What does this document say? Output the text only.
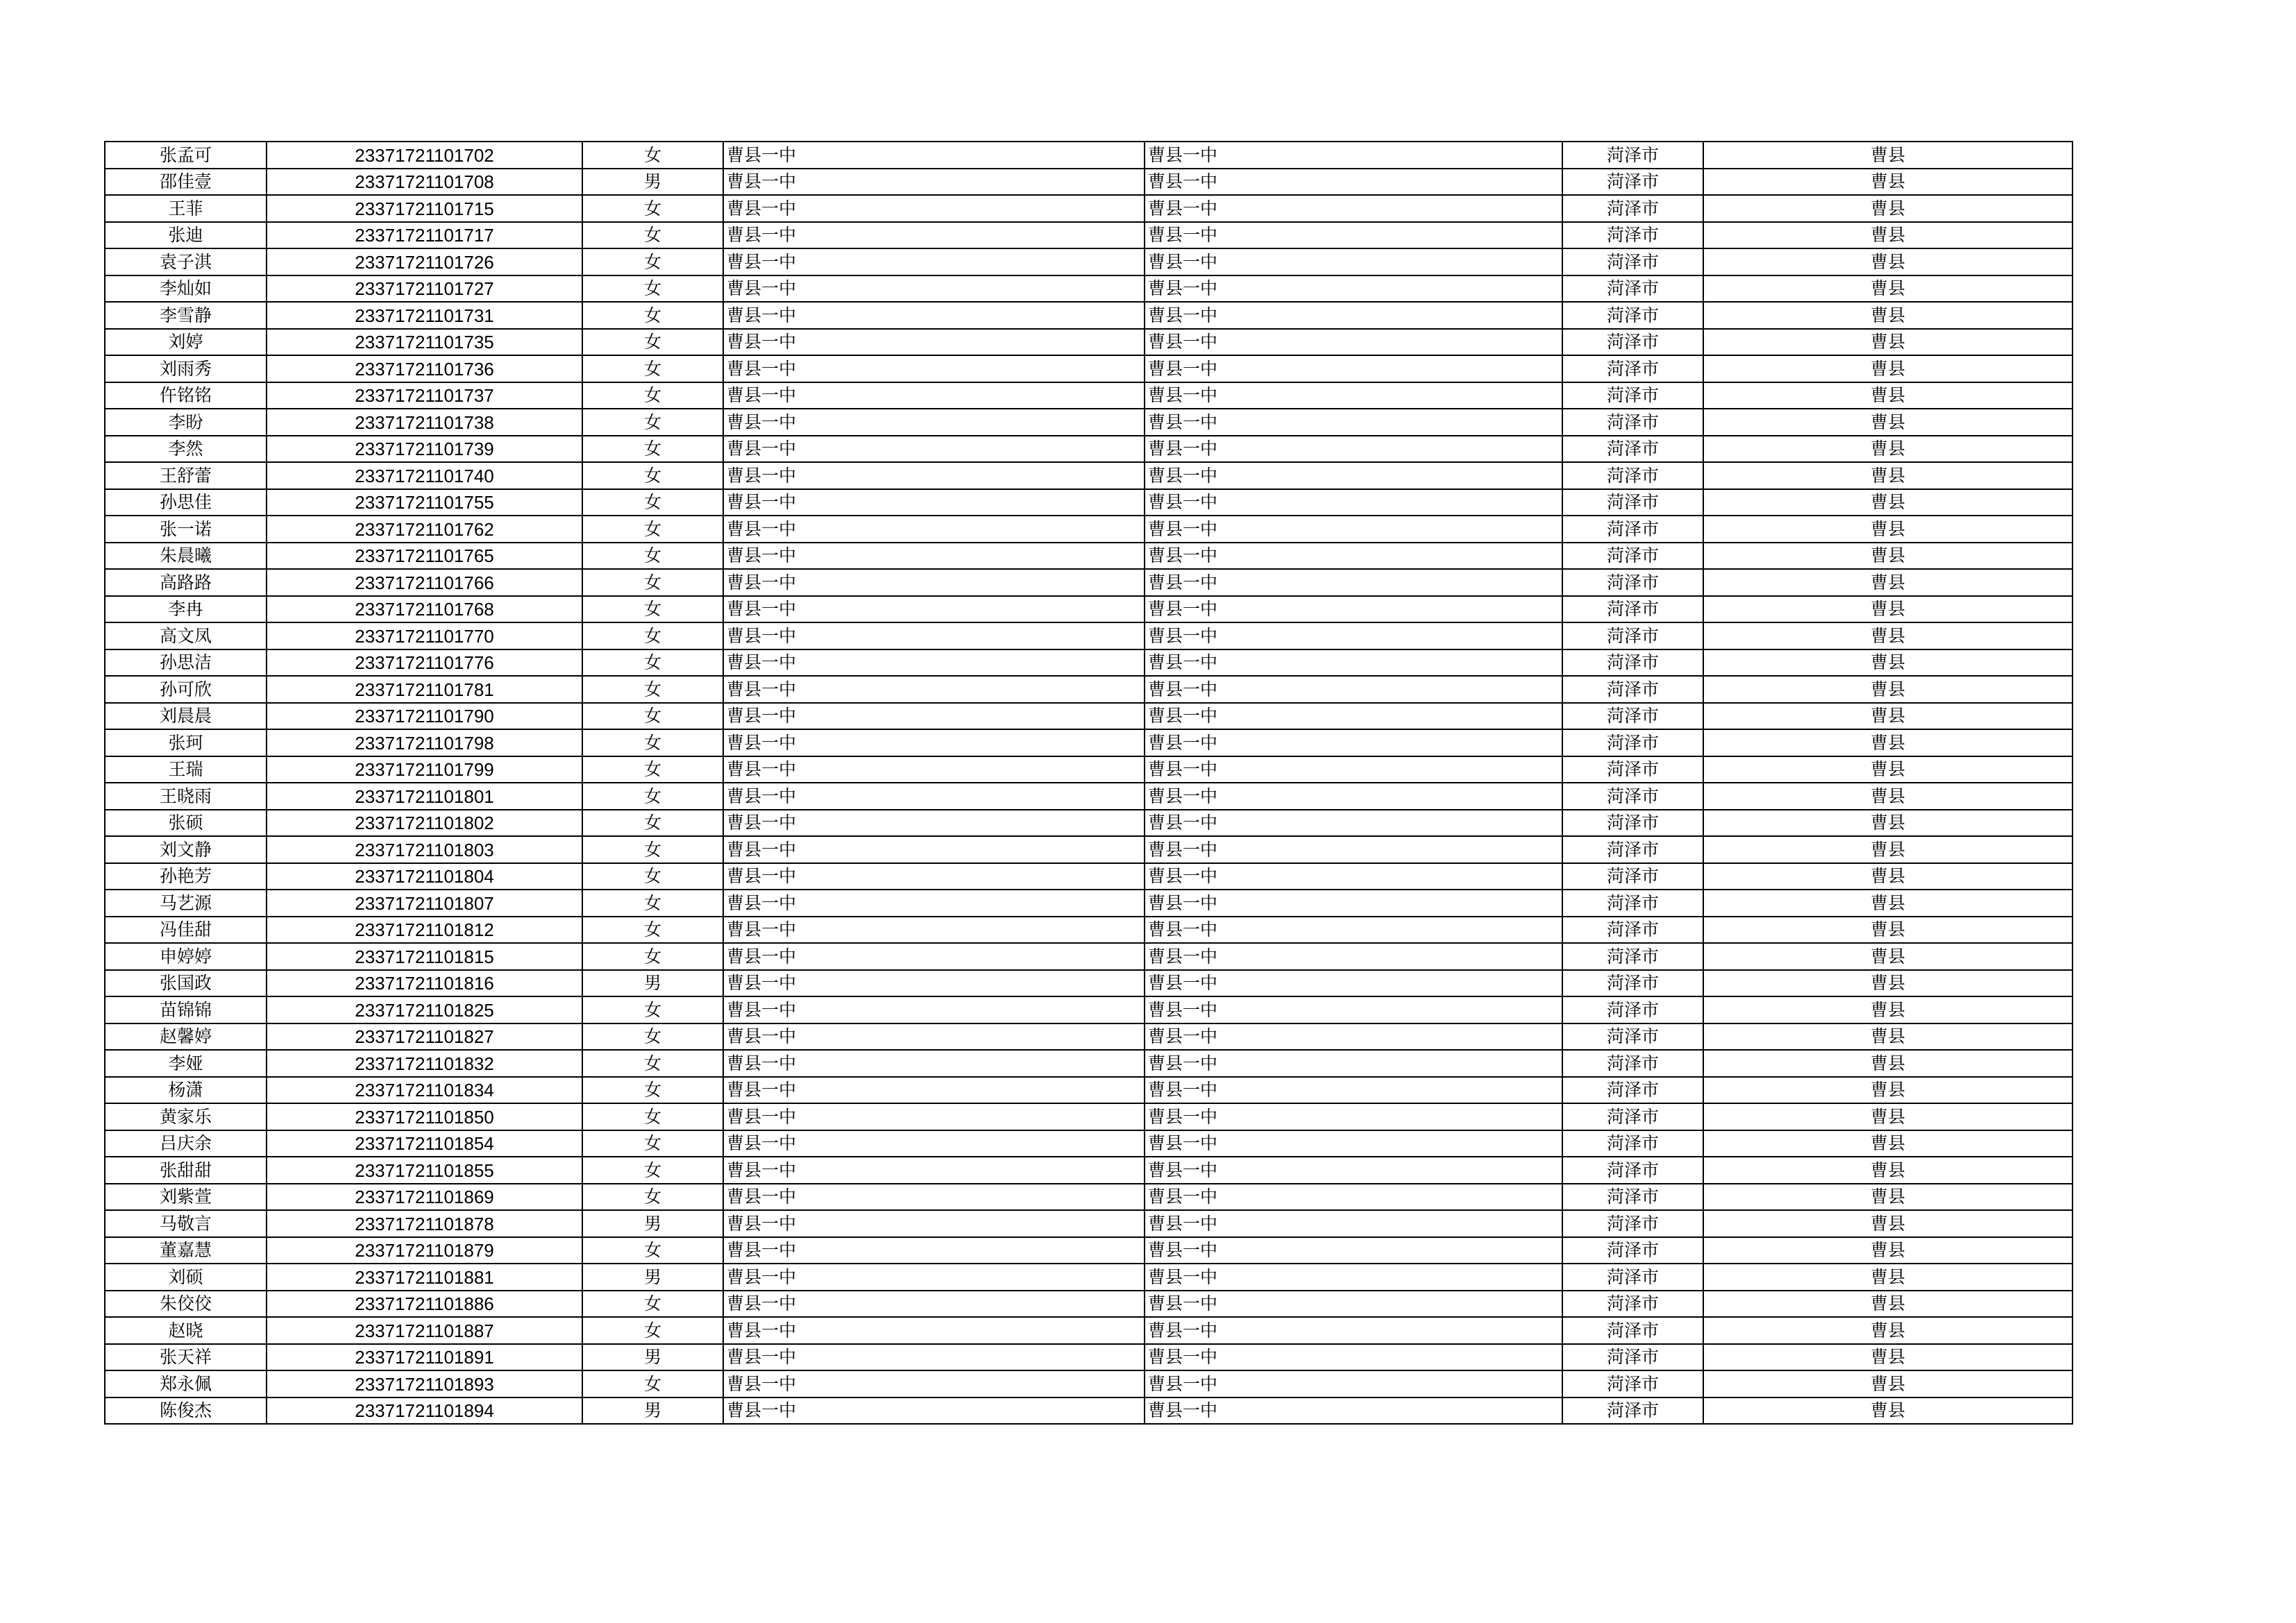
张孟可	23371721101702	女	曹县一中	曹县一中	菏泽市	曹县
邵佳壹	23371721101708	男	曹县一中	曹县一中	菏泽市	曹县
王菲	23371721101715	女	曹县一中	曹县一中	菏泽市	曹县
张迪	23371721101717	女	曹县一中	曹县一中	菏泽市	曹县
袁子淇	23371721101726	女	曹县一中	曹县一中	菏泽市	曹县
李灿如	23371721101727	女	曹县一中	曹县一中	菏泽市	曹县
李雪静	23371721101731	女	曹县一中	曹县一中	菏泽市	曹县
刘婷	23371721101735	女	曹县一中	曹县一中	菏泽市	曹县
刘雨秀	23371721101736	女	曹县一中	曹县一中	菏泽市	曹县
仵铭铭	23371721101737	女	曹县一中	曹县一中	菏泽市	曹县
李盼	23371721101738	女	曹县一中	曹县一中	菏泽市	曹县
李然	23371721101739	女	曹县一中	曹县一中	菏泽市	曹县
王舒蕾	23371721101740	女	曹县一中	曹县一中	菏泽市	曹县
孙思佳	23371721101755	女	曹县一中	曹县一中	菏泽市	曹县
张一诺	23371721101762	女	曹县一中	曹县一中	菏泽市	曹县
朱晨曦	23371721101765	女	曹县一中	曹县一中	菏泽市	曹县
高路路	23371721101766	女	曹县一中	曹县一中	菏泽市	曹县
李冉	23371721101768	女	曹县一中	曹县一中	菏泽市	曹县
高文凤	23371721101770	女	曹县一中	曹县一中	菏泽市	曹县
孙思洁	23371721101776	女	曹县一中	曹县一中	菏泽市	曹县
孙可欣	23371721101781	女	曹县一中	曹县一中	菏泽市	曹县
刘晨晨	23371721101790	女	曹县一中	曹县一中	菏泽市	曹县
张珂	23371721101798	女	曹县一中	曹县一中	菏泽市	曹县
王瑞	23371721101799	女	曹县一中	曹县一中	菏泽市	曹县
王晓雨	23371721101801	女	曹县一中	曹县一中	菏泽市	曹县
张硕	23371721101802	女	曹县一中	曹县一中	菏泽市	曹县
刘文静	23371721101803	女	曹县一中	曹县一中	菏泽市	曹县
孙艳芳	23371721101804	女	曹县一中	曹县一中	菏泽市	曹县
马艺源	23371721101807	女	曹县一中	曹县一中	菏泽市	曹县
冯佳甜	23371721101812	女	曹县一中	曹县一中	菏泽市	曹县
申婷婷	23371721101815	女	曹县一中	曹县一中	菏泽市	曹县
张国政	23371721101816	男	曹县一中	曹县一中	菏泽市	曹县
苗锦锦	23371721101825	女	曹县一中	曹县一中	菏泽市	曹县
赵馨婷	23371721101827	女	曹县一中	曹县一中	菏泽市	曹县
李娅	23371721101832	女	曹县一中	曹县一中	菏泽市	曹县
杨潇	23371721101834	女	曹县一中	曹县一中	菏泽市	曹县
黄家乐	23371721101850	女	曹县一中	曹县一中	菏泽市	曹县
吕庆余	23371721101854	女	曹县一中	曹县一中	菏泽市	曹县
张甜甜	23371721101855	女	曹县一中	曹县一中	菏泽市	曹县
刘紫萱	23371721101869	女	曹县一中	曹县一中	菏泽市	曹县
马敬言	23371721101878	男	曹县一中	曹县一中	菏泽市	曹县
董嘉慧	23371721101879	女	曹县一中	曹县一中	菏泽市	曹县
刘硕	23371721101881	男	曹县一中	曹县一中	菏泽市	曹县
朱佼佼	23371721101886	女	曹县一中	曹县一中	菏泽市	曹县
赵晓	23371721101887	女	曹县一中	曹县一中	菏泽市	曹县
张天祥	23371721101891	男	曹县一中	曹县一中	菏泽市	曹县
郑永佩	23371721101893	女	曹县一中	曹县一中	菏泽市	曹县
陈俊杰	23371721101894	男	曹县一中	曹县一中	菏泽市	曹县
